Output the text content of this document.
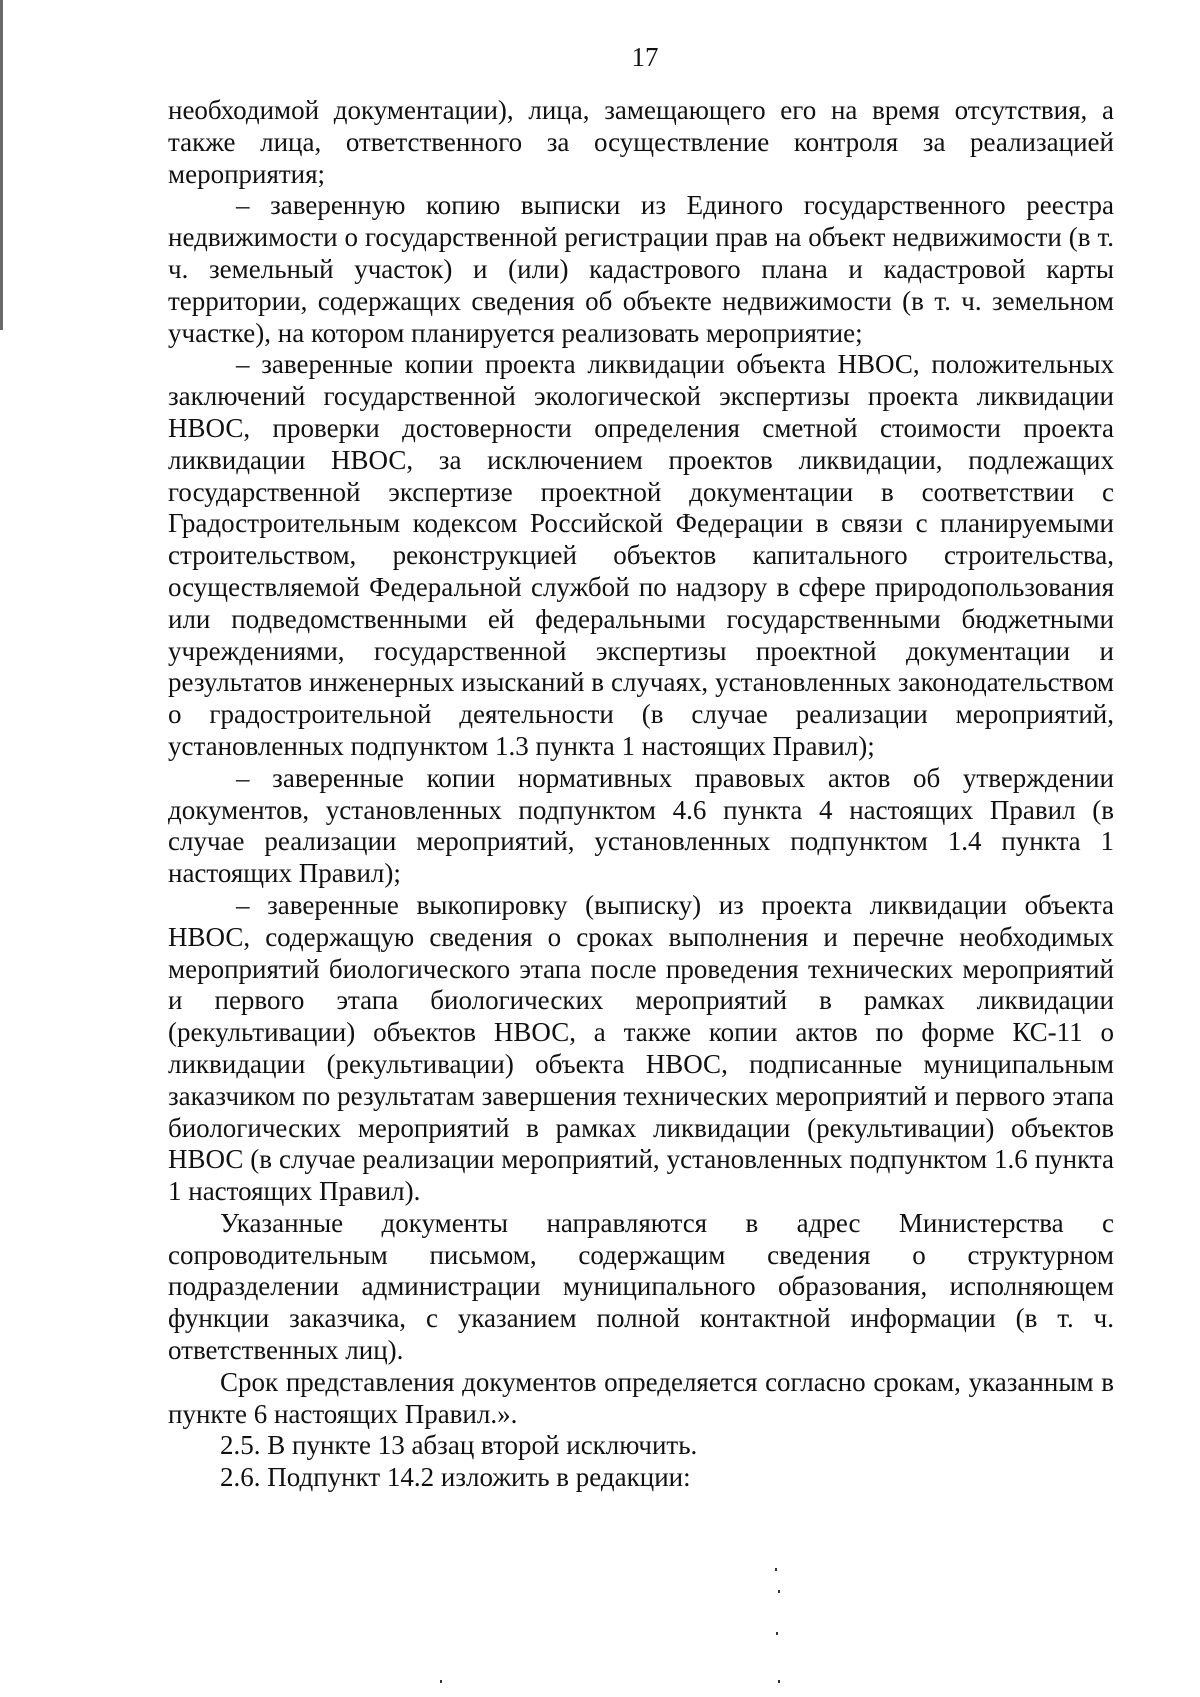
17

необходимой документации), лица, замещающего его на время отсутствия, а также лица, ответственного за осуществление контроля за реализацией мероприятия;

– заверенную копию выписки из Единого государственного реестра недвижимости о государственной регистрации прав на объект недвижимости (в т. ч. земельный участок) и (или) кадастрового плана и кадастровой карты территории, содержащих сведения об объекте недвижимости (в т. ч. земельном участке), на котором планируется реализовать мероприятие;

– заверенные копии проекта ликвидации объекта НВОС, положительных заключений государственной экологической экспертизы проекта ликвидации НВОС, проверки достоверности определения сметной стоимости проекта ликвидации НВОС, за исключением проектов ликвидации, подлежащих государственной экспертизе проектной документации в соответствии с Градостроительным кодексом Российской Федерации в связи с планируемыми строительством, реконструкцией объектов капитального строительства, осуществляемой Федеральной службой по надзору в сфере природопользования или подведомственными ей федеральными государственными бюджетными учреждениями, государственной экспертизы проектной документации и результатов инженерных изысканий в случаях, установленных законодательством о градостроительной деятельности (в случае реализации мероприятий, установленных подпунктом 1.3 пункта 1 настоящих Правил);

– заверенные копии нормативных правовых актов об утверждении документов, установленных подпунктом 4.6 пункта 4 настоящих Правил (в случае реализации мероприятий, установленных подпунктом 1.4 пункта 1 настоящих Правил);

– заверенные выкопировку (выписку) из проекта ликвидации объекта НВОС, содержащую сведения о сроках выполнения и перечне необходимых мероприятий биологического этапа после проведения технических мероприятий и первого этапа биологических мероприятий в рамках ликвидации (рекультивации) объектов НВОС, а также копии актов по форме КС-11 о ликвидации (рекультивации) объекта НВОС, подписанные муниципальным заказчиком по результатам завершения технических мероприятий и первого этапа биологических мероприятий в рамках ликвидации (рекультивации) объектов НВОС (в случае реализации мероприятий, установленных подпунктом 1.6 пункта 1 настоящих Правил).

Указанные документы направляются в адрес Министерства с сопроводительным письмом, содержащим сведения о структурном подразделении администрации муниципального образования, исполняющем функции заказчика, с указанием полной контактной информации (в т. ч. ответственных лиц).

Срок представления документов определяется согласно срокам, указанным в пункте 6 настоящих Правил.».

2.5. В пункте 13 абзац второй исключить.

2.6. Подпункт 14.2 изложить в редакции:
